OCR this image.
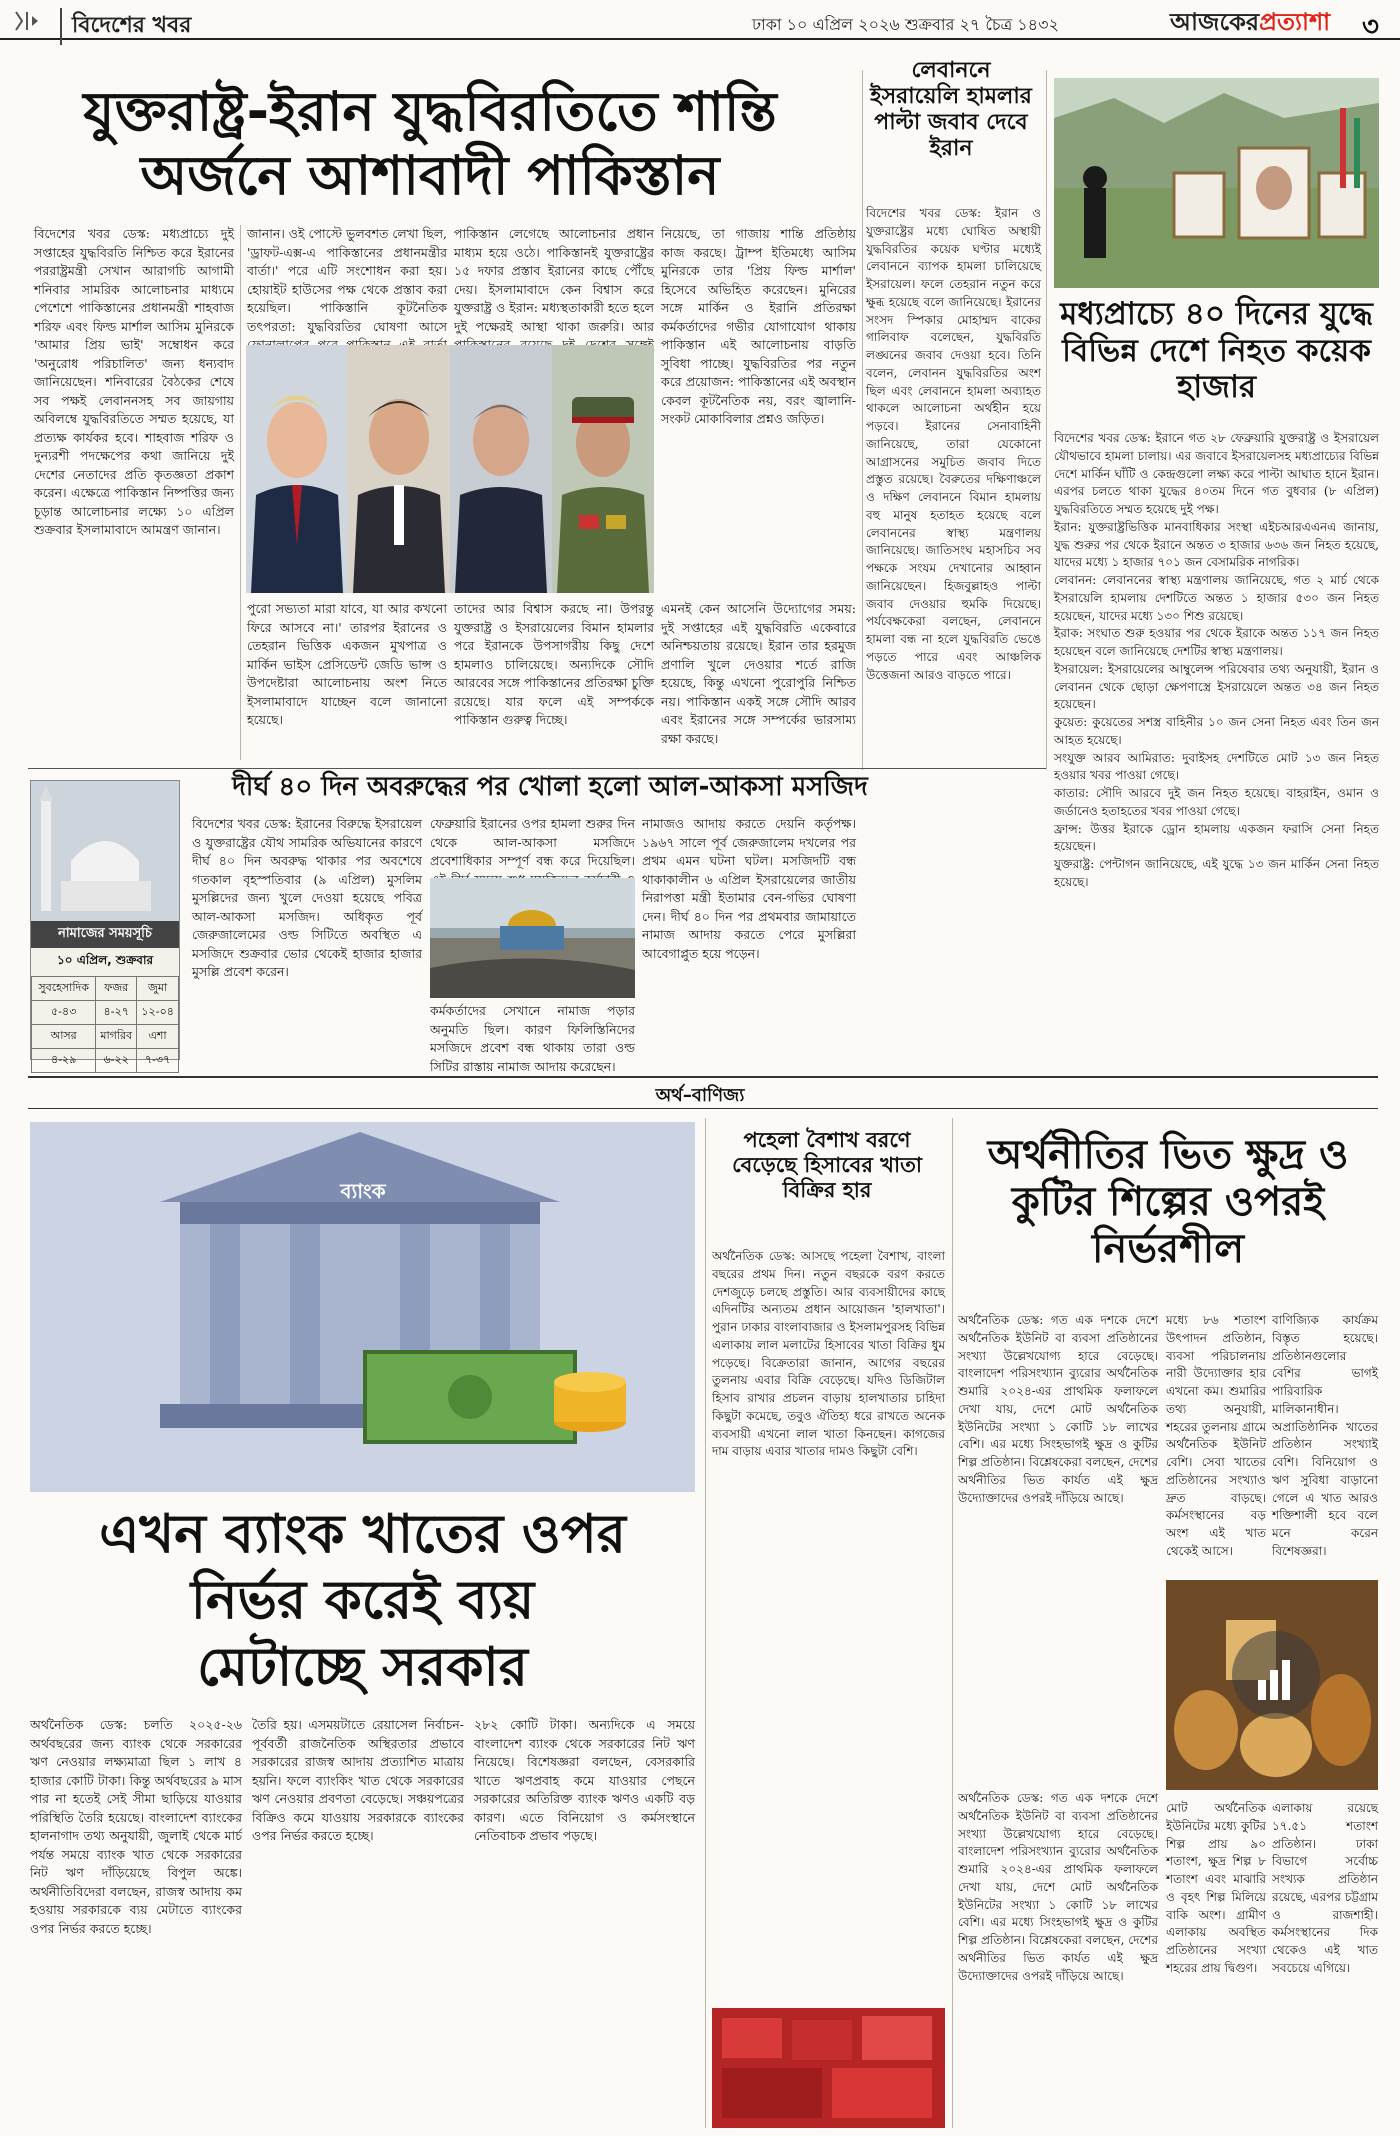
বিদেশের খবর	ঢাকা ১০ এপ্রিল ২০২৬ শুক্রবার ২৭ চৈত্র ১৪৩২	আজকেরপ্রত্যাশা ৩
যুক্তরাষ্ট্র-ইরান যুদ্ধবিরতিতে শান্তি
অর্জনে আশাবাদী পাকিস্তান
বিদেশের খবর ডেস্ক: মধ্যপ্রাচ্যে দুই সপ্তাহের যুদ্ধবিরতি নিশ্চিত করে ইরানের পররাষ্ট্রমন্ত্রী সেখান আরাগচি আগামী শনিবার সামরিক আলোচনার মাধ্যমে পেশেশে পাকিস্তানের প্রধানমন্ত্রী শাহবাজ শরিফ এবং ফিল্ড মার্শাল আসিম মুনিরকে 'আমার প্রিয় ভাই' সম্বোধন করে 'অনুরোধ পরিচালিত' জন্য ধন্যবাদ জানিয়েছেন। শনিবারের বৈঠকের শেষে সব পক্ষই লেবাননসহ সব জায়গায় অবিলম্বে যুদ্ধবিরতিতে সম্মত হয়েছে, যা প্রত্যক্ষ কার্যকর হবে। শাহবাজ শরিফ ও দুন্যরশী পদক্ষেপের কথা জানিয়ে দুই দেশের নেতাদের প্রতি কৃতজ্ঞতা প্রকাশ করেন। এক্ষেত্রে পাকিস্তান নিষ্পত্তির জন্য চূড়ান্ত আলোচনার লক্ষ্যে ১০ এপ্রিল শুক্রবার ইসলামাবাদে আমন্ত্রণ জানান।
জানান। ওই পোস্টে ভুলবশত লেখা ছিল, 'ড্রাফট-এক্স-এ পাকিস্তানের প্রধানমন্ত্রীর বার্তা।' পরে এটি সংশোধন করা হয়। হোয়াইট হাউসের পক্ষ থেকে প্রস্তাব করা হয়েছিল। পাকিস্তানি কূটনৈতিক তৎপরতা: যুদ্ধবিরতির ঘোষণা আসে
পাকিস্তান লেগেছে আলোচনার প্রধান মাধ্যম হয়ে ওঠে। পাকিস্তানই যুক্তরাষ্ট্রের ১৫ দফার প্রস্তাব ইরানের কাছে পৌঁছে দেয়। ইসলামাবাদে কেন বিশ্বাস করে যুক্তরাষ্ট্র ও ইরান: মধ্যস্থতাকারী হতে হলে দুই পক্ষেরই আস্থা থাকা জরুরি। আর
নিয়েছে, তা গাজায় শান্তি প্রতিষ্ঠায় কাজ করছে। ট্রাম্প ইতিমধ্যে আসিম মুনিরকে তার 'প্রিয় ফিল্ড মার্শাল' হিসেবে অভিহিত করেছেন। মুনিরের সঙ্গে মার্কিন ও ইরানি প্রতিরক্ষা কর্মকর্তাদের গভীর যোগাযোগ থাকায় পাকিস্তান এই আলোচনায় বাড়তি সুবিধা পাচ্ছে। যুদ্ধবিরতির পর নতুন করে প্রয়োজন: পাকিস্তানের এই অবস্থান কেবল কূটনৈতিক নয়, বরং জ্বালানি-সংকট মোকাবিলার প্রশ্নও জড়িত।
পুরো সভ্যতা মারা যাবে, যা আর কখনো ফিরে আসবে না।' তারপর ইরানের ও তেহরান ভিত্তিক একজন মুখপাত্র ও মার্কিন ভাইস প্রেসিডেন্ট জেডি ভান্স ও উপদেষ্টারা আলোচনায় অংশ নিতে ইসলামাবাদে যাচ্ছেন বলে জানানো হয়েছে।
তাদের আর বিশ্বাস করছে না। উপরন্তু যুক্তরাষ্ট্র ও ইসরায়েলের বিমান হামলার পরে ইরানকে উপসাগরীয় কিছু দেশে হামলাও চালিয়েছে। অন্যদিকে সৌদি আরবের সঙ্গে পাকিস্তানের প্রতিরক্ষা চুক্তি রয়েছে। যার ফলে এই সম্পর্ককে পাকিস্তান গুরুত্ব দিচ্ছে।
এমনই কেন আসেনি উদ্যোগের সময়: দুই সপ্তাহের এই যুদ্ধবিরতি একেবারে অনিশ্চয়তায় রয়েছে। ইরান তার হরমুজ প্রণালি খুলে দেওয়ার শর্তে রাজি হয়েছে, কিন্তু এখনো পুরোপুরি নিশ্চিত নয়। পাকিস্তান একই সঙ্গে সৌদি আরব এবং ইরানের সঙ্গে সম্পর্কের ভারসাম্য রক্ষা করছে।
লেবাননে ইসরায়েলি হামলার পাল্টা জবাব দেবে ইরান
বিদেশের খবর ডেস্ক: ইরান ও যুক্তরাষ্ট্রের মধ্যে ঘোষিত অস্থায়ী যুদ্ধবিরতির কয়েক ঘণ্টার মধ্যেই লেবাননে ব্যাপক হামলা চালিয়েছে ইসরায়েল। ফলে তেহরান নতুন করে ক্ষুব্ধ হয়েছে বলে জানিয়েছে। ইরানের সংসদ স্পিকার মোহাম্মদ বাকের গালিবাফ বলেছেন, যুদ্ধবিরতি লঙ্ঘনের জবাব দেওয়া হবে। তিনি বলেন, লেবানন যুদ্ধবিরতির অংশ ছিল এবং লেবাননে হামলা অব্যাহত থাকলে আলোচনা অর্থহীন হয়ে পড়বে। ইরানের সেনাবাহিনী জানিয়েছে, তারা যেকোনো আগ্রাসনের সমুচিত জবাব দিতে প্রস্তুত রয়েছে। বৈরুতের দক্ষিণাঞ্চলে ও দক্ষিণ লেবাননে বিমান হামলায় বহু মানুষ হতাহত হয়েছে বলে লেবাননের স্বাস্থ্য মন্ত্রণালয় জানিয়েছে। জাতিসংঘ মহাসচিব সব পক্ষকে সংযম দেখানোর আহ্বান জানিয়েছেন। হিজবুল্লাহও পাল্টা জবাব দেওয়ার হুমকি দিয়েছে। পর্যবেক্ষকেরা বলছেন, লেবাননে হামলা বন্ধ না হলে যুদ্ধবিরতি ভেঙে পড়তে পারে এবং আঞ্চলিক উত্তেজনা আরও বাড়তে পারে।
মধ্যপ্রাচ্যে ৪০ দিনের যুদ্ধে বিভিন্ন দেশে নিহত কয়েক হাজার

বিদেশের খবর ডেস্ক: ইরানে গত ২৮ ফেব্রুয়ারি যুক্তরাষ্ট্র ও ইসরায়েল যৌথভাবে হামলা চালায়। এর জবাবে ইসরায়েলসহ মধ্যপ্রাচ্যের বিভিন্ন দেশে মার্কিন ঘাঁটি ও কেন্দ্রগুলো লক্ষ্য করে পাল্টা আঘাত হানে ইরান। এরপর চলতে থাকা যুদ্ধের ৪০তম দিনে গত বুধবার (৮ এপ্রিল) যুদ্ধবিরতিতে সম্মত হয়েছে দুই পক্ষ।

ইরান: যুক্তরাষ্ট্রভিত্তিক মানবাধিকার সংস্থা এইচআরএএনএ জানায়, যুদ্ধ শুরুর পর থেকে ইরানে অন্তত ৩ হাজার ৬৩৬ জন নিহত হয়েছে, যাদের মধ্যে ১ হাজার ৭০১ জন বেসামরিক নাগরিক।

লেবানন: লেবাননের স্বাস্থ্য মন্ত্রণালয় জানিয়েছে, গত ২ মার্চ থেকে ইসরায়েলি হামলায় দেশটিতে অন্তত ১ হাজার ৫৩০ জন নিহত হয়েছেন, যাদের মধ্যে ১৩০ শিশু রয়েছে।

ইরাক: সংঘাত শুরু হওয়ার পর থেকে ইরাকে অন্তত ১১৭ জন নিহত হয়েছেন বলে জানিয়েছে দেশটির স্বাস্থ্য মন্ত্রণালয়।

ইসরায়েল: ইসরায়েলের আম্বুলেন্স পরিষেবার তথ্য অনুযায়ী, ইরান ও লেবানন থেকে ছোড়া ক্ষেপণাস্ত্রে ইসরায়েলে অন্তত ৩৪ জন নিহত হয়েছেন।

কুয়েত: কুয়েতের সশস্ত্র বাহিনীর ১০ জন সেনা নিহত এবং তিন জন আহত হয়েছে।

সংযুক্ত আরব আমিরাত: দুবাইসহ দেশটিতে মোট ১৩ জন নিহত হওয়ার খবর পাওয়া গেছে।

কাতার: সৌদি আরবে দুই জন নিহত হয়েছে। বাহরাইন, ওমান ও জর্ডানেও হতাহতের খবর পাওয়া গেছে।

ফ্রান্স: উত্তর ইরাকে ড্রোন হামলায় একজন ফরাসি সেনা নিহত হয়েছেন।

যুক্তরাষ্ট্র: পেন্টাগন জানিয়েছে, এই যুদ্ধে ১৩ জন মার্কিন সেনা নিহত হয়েছে।

দীর্ঘ ৪০ দিন অবরুদ্ধের পর খোলা হলো আল-আকসা মসজিদ
নামাজের সময়সূচি
১০ এপ্রিল, শুক্রবার
সুবহেসাদিক	ফজর	জুমা
৫-৪৩	৪-২৭	১২-০৪
আসর	মাগরিব	এশা
৪-২৯	৬-২২	৭-৩৭
বিদেশের খবর ডেস্ক: ইরানের বিরুদ্ধে ইসরায়েল ও যুক্তরাষ্ট্রের যৌথ সামরিক অভিযানের কারণে দীর্ঘ ৪০ দিন অবরুদ্ধ থাকার পর অবশেষে গতকাল বৃহস্পতিবার (৯ এপ্রিল) মুসলিম মুসল্লিদের জন্য খুলে দেওয়া হয়েছে পবিত্র আল-আকসা মসজিদ। অধিকৃত পূর্ব জেরুজালেমের ওল্ড সিটিতে অবস্থিত এ মসজিদে শুক্রবার ভোর থেকেই হাজার হাজার মুসল্লি প্রবেশ করেন।
ফেব্রুয়ারি ইরানের ওপর হামলা শুরুর দিন থেকে আল-আকসা মসজিদে প্রবেশাধিকার সম্পূর্ণ বন্ধ করে দিয়েছিল।
কর্মকর্তাদের সেখানে নামাজ পড়ার অনুমতি ছিল। কারণ ফিলিস্তিনিদের মসজিদে প্রবেশ বন্ধ থাকায় তারা ওল্ড সিটির রাস্তায় নামাজ আদায় করেছেন।
নামাজও আদায় করতে দেয়নি কর্তৃপক্ষ। ১৯৬৭ সালে পূর্ব জেরুজালেম দখলের পর প্রথম এমন ঘটনা ঘটল। মসজিদটি বন্ধ থাকাকালীন ৬ এপ্রিল ইসরায়েলের জাতীয় নিরাপত্তা মন্ত্রী ইতামার বেন-গভির ঘোষণা দেন। দীর্ঘ ৪০ দিন পর প্রথমবার জামায়াতে নামাজ আদায় করতে পেরে মুসল্লিরা আবেগাপ্লুত হয়ে পড়েন।
অর্থ–বাণিজ্য
ব্যাংক
এখন ব্যাংক খাতের ওপর
নির্ভর করেই ব্যয়
মেটাচ্ছে সরকার
অর্থনৈতিক ডেস্ক: চলতি ২০২৫-২৬ অর্থবছরের জন্য ব্যাংক থেকে সরকারের ঋণ নেওয়ার লক্ষ্যমাত্রা ছিল ১ লাখ ৪ হাজার কোটি টাকা। কিন্তু অর্থবছরের ৯ মাস পার না হতেই সেই সীমা ছাড়িয়ে যাওয়ার পরিস্থিতি তৈরি হয়েছে। বাংলাদেশ ব্যাংকের হালনাগাদ তথ্য অনুযায়ী, জুলাই থেকে মার্চ পর্যন্ত সময়ে ব্যাংক খাত থেকে সরকারের নিট ঋণ দাঁড়িয়েছে বিপুল অঙ্কে। অর্থনীতিবিদেরা বলছেন, রাজস্ব আদায় কম হওয়ায় সরকারকে ব্যয় মেটাতে ব্যাংকের ওপর নির্ভর করতে হচ্ছে।
তৈরি হয়। এসময়টাতে রেয়াসেল নির্বাচন-পূর্ববর্তী রাজনৈতিক অস্থিরতার প্রভাবে সরকারের রাজস্ব আদায় প্রত্যাশিত মাত্রায় হয়নি। ফলে ব্যাংকিং খাত থেকে সরকারের ঋণ নেওয়ার প্রবণতা বেড়েছে। সঞ্চয়পত্রের বিক্রিও কমে যাওয়ায় সরকারকে ব্যাংকের ওপর নির্ভর করতে হচ্ছে।
২৮২ কোটি টাকা। অন্যদিকে এ সময়ে বাংলাদেশ ব্যাংক থেকে সরকারের নিট ঋণ নিয়েছে। বিশেষজ্ঞরা বলছেন, বেসরকারি খাতে ঋণপ্রবাহ কমে যাওয়ার পেছনে সরকারের অতিরিক্ত ব্যাংক ঋণও একটি বড় কারণ। এতে বিনিয়োগ ও কর্মসংস্থানে নেতিবাচক প্রভাব পড়ছে।
পহেলা বৈশাখ বরণে বেড়েছে হিসাবের খাতা বিক্রির হার
অর্থনৈতিক ডেস্ক: আসছে পহেলা বৈশাখ, বাংলা বছরের প্রথম দিন। নতুন বছরকে বরণ করতে দেশজুড়ে চলছে প্রস্তুতি। আর ব্যবসায়ীদের কাছে এদিনটির অন্যতম প্রধান আয়োজন 'হালখাতা'। পুরান ঢাকার বাংলাবাজার ও ইসলামপুরসহ বিভিন্ন এলাকায় লাল মলাটের হিসাবের খাতা বিক্রির ধুম পড়েছে। বিক্রেতারা জানান, আগের বছরের তুলনায় এবার বিক্রি বেড়েছে। যদিও ডিজিটাল হিসাব রাখার প্রচলন বাড়ায় হালখাতার চাহিদা কিছুটা কমেছে, তবুও ঐতিহ্য ধরে রাখতে অনেক ব্যবসায়ী এখনো লাল খাতা কিনছেন। কাগজের দাম বাড়ায় এবার খাতার দামও কিছুটা বেশি।
অর্থনীতির ভিত ক্ষুদ্র ও কুটির শিল্পের ওপরই নির্ভরশীল
অর্থনৈতিক ডেস্ক: গত এক দশকে দেশে অর্থনৈতিক ইউনিট বা ব্যবসা প্রতিষ্ঠানের সংখ্যা উল্লেখযোগ্য হারে বেড়েছে। বাংলাদেশ পরিসংখ্যান ব্যুরোর অর্থনৈতিক শুমারি ২০২৪-এর প্রাথমিক ফলাফলে দেখা যায়, দেশে মোট অর্থনৈতিক ইউনিটের সংখ্যা ১ কোটি ১৮ লাখের বেশি। এর মধ্যে সিংহভাগই ক্ষুদ্র ও কুটির শিল্প প্রতিষ্ঠান। বিশ্লেষকেরা বলছেন, দেশের অর্থনীতির ভিত কার্যত এই ক্ষুদ্র উদ্যোক্তাদের ওপরই দাঁড়িয়ে আছে।
মধ্যে ৮৬ শতাংশ উৎপাদন প্রতিষ্ঠান, ব্যবসা পরিচালনায় নারী উদ্যোক্তার হার এখনো কম। শুমারির তথ্য অনুযায়ী, শহরের তুলনায় গ্রামে অর্থনৈতিক ইউনিট বেশি। সেবা খাতের প্রতিষ্ঠানের সংখ্যাও দ্রুত বাড়ছে। কর্মসংস্থানের বড় অংশ এই খাত থেকেই আসে।
বাণিজ্যিক কার্যক্রম বিস্তৃত হয়েছে। প্রতিষ্ঠানগুলোর বেশির ভাগই পারিবারিক মালিকানাধীন। অপ্রাতিষ্ঠানিক খাতের প্রতিষ্ঠান সংখ্যাই বেশি। বিনিয়োগ ও ঋণ সুবিধা বাড়ানো গেলে এ খাত আরও শক্তিশালী হবে বলে মনে করেন বিশেষজ্ঞরা।
মোট অর্থনৈতিক ইউনিটের মধ্যে কুটির শিল্প প্রায় ৯০ শতাংশ, ক্ষুদ্র শিল্প ৮ শতাংশ এবং মাঝারি ও বৃহৎ শিল্প মিলিয়ে বাকি অংশ। গ্রামীণ এলাকায় অবস্থিত প্রতিষ্ঠানের সংখ্যা শহরের প্রায় দ্বিগুণ।
এলাকায় রয়েছে ১৭.৫১ শতাংশ প্রতিষ্ঠান। ঢাকা বিভাগে সর্বোচ্চ সংখ্যক প্রতিষ্ঠান রয়েছে, এরপর চট্টগ্রাম ও রাজশাহী। কর্মসংস্থানের দিক থেকেও এই খাত সবচেয়ে এগিয়ে।
অর্থনৈতিক ডেস্ক: গত এক দশকে দেশে অর্থনৈতিক ইউনিট বা ব্যবসা প্রতিষ্ঠানের সংখ্যা উল্লেখযোগ্য হারে বেড়েছে। বাংলাদেশ পরিসংখ্যান ব্যুরোর অর্থনৈতিক শুমারি ২০২৪-এর প্রাথমিক ফলাফলে দেখা যায়, দেশে মোট অর্থনৈতিক ইউনিটের সংখ্যা ১ কোটি ১৮ লাখের বেশি। এর মধ্যে সিংহভাগই ক্ষুদ্র ও কুটির শিল্প প্রতিষ্ঠান। বিশ্লেষকেরা বলছেন, দেশের অর্থনীতির ভিত কার্যত এই ক্ষুদ্র উদ্যোক্তাদের ওপরই দাঁড়িয়ে আছে।
